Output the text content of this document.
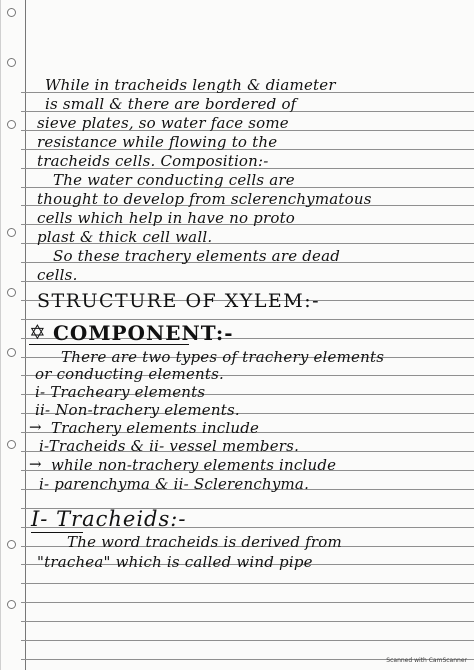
While in tracheids length & diameter
is small & there are bordered of
sieve plates, so water face some
resistance while flowing to the
tracheids cells. Composition:-
The water conducting cells are
thought to develop from sclerenchymatous
cells which help in have no proto
plast & thick cell wall.
So these trachery elements are dead
cells.
STRUCTURE OF XYLEM:-
✡ COMPONENT:-
There are two types of trachery elements
or conducting elements.
i- Tracheary elements
ii- Non-trachery elements.
→ Trachery elements include
i-Tracheids & ii- vessel members.
→ while non-trachery elements include
i- parenchyma & ii- Sclerenchyma.
I- Tracheids:-
The word tracheids is derived from
"trachea" which is called wind pipe
Scanned with CamScanner
